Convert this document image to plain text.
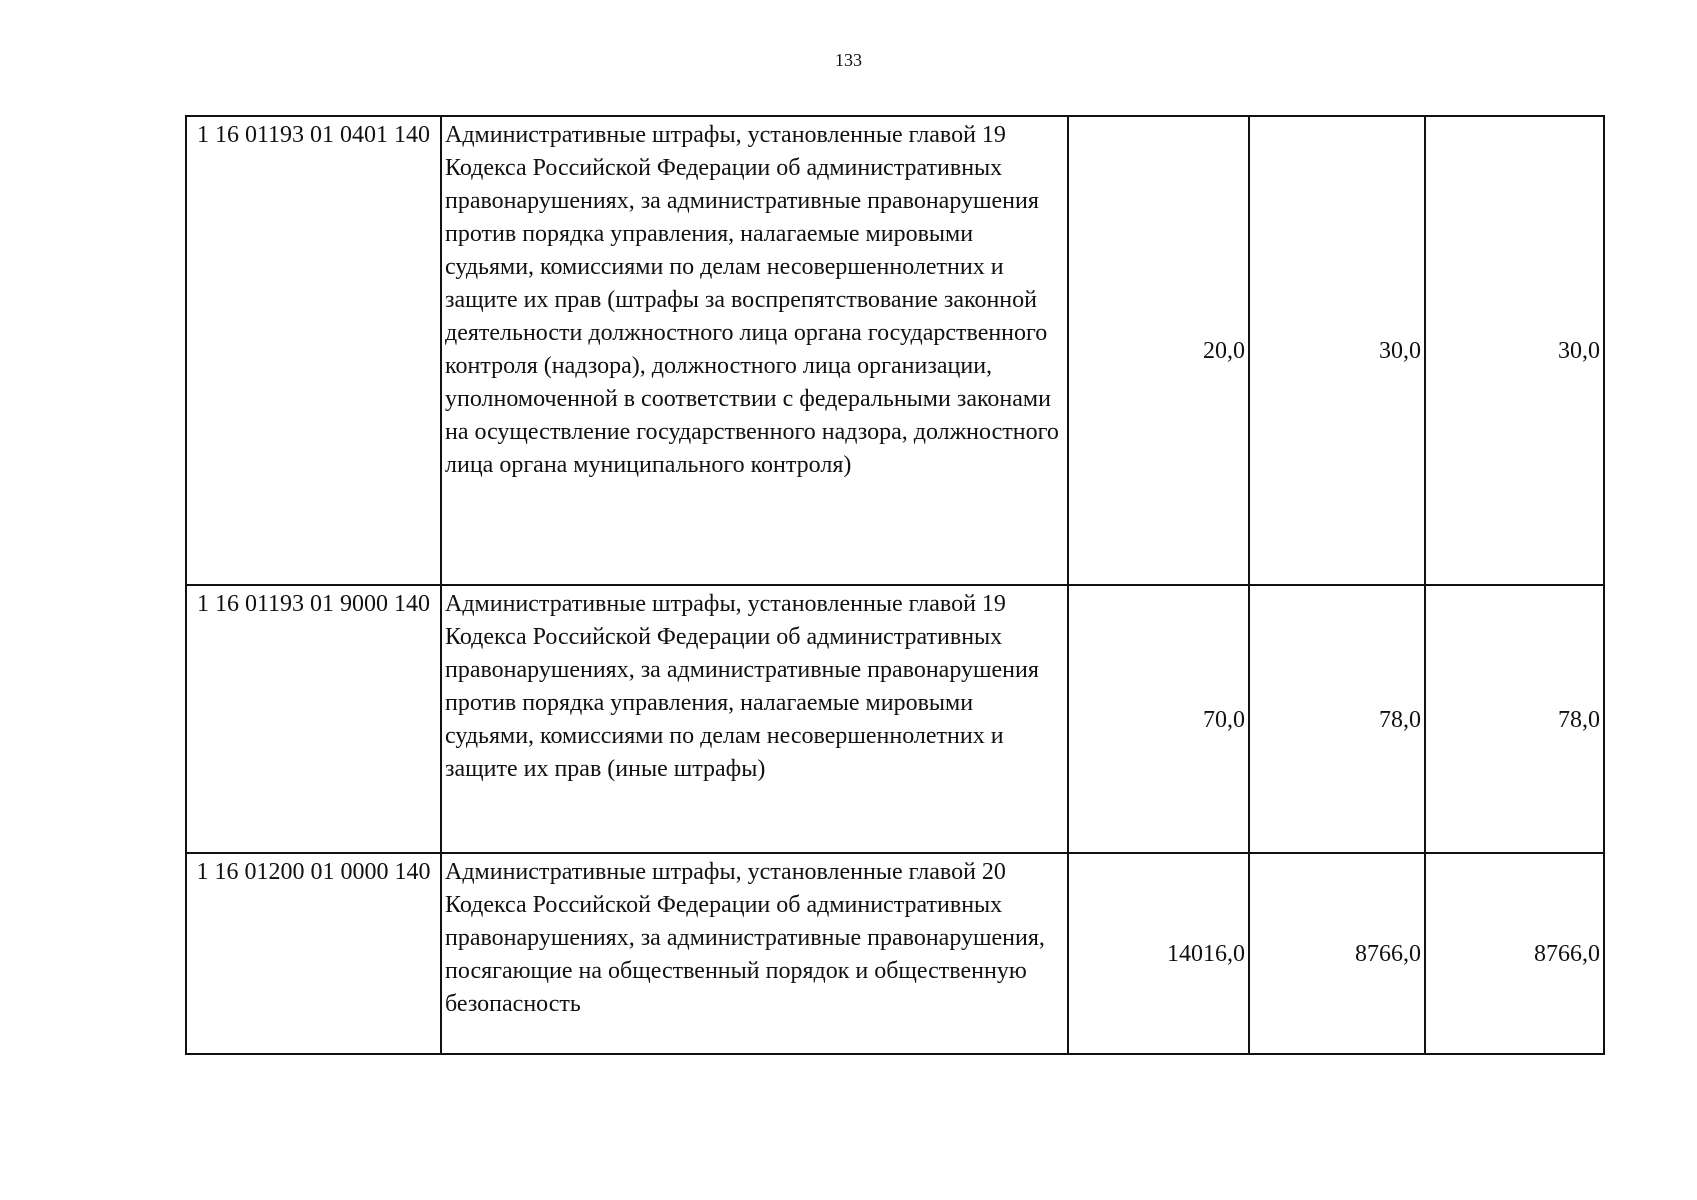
133
1 16 01193 01 0401 140	Административные штрафы, установленные главой 19 Кодекса Российской Федерации об административных правонарушениях, за административные правонарушения против порядка управления, налагаемые мировыми судьями, комиссиями по делам несовершеннолетних и защите их прав (штрафы за воспрепятствование законной деятельности должностного лица органа государственного контроля (надзора), должностного лица организации, уполномоченной в соответствии с федеральными законами на осуществление государственного надзора, должностного лица органа муниципального контроля)	20,0	30,0	30,0
1 16 01193 01 9000 140	Административные штрафы, установленные главой 19 Кодекса Российской Федерации об административных правонарушениях, за административные правонарушения против порядка управления, налагаемые мировыми судьями, комиссиями по делам несовершеннолетних и защите их прав (иные штрафы)	70,0	78,0	78,0
1 16 01200 01 0000 140	Административные штрафы, установленные главой 20 Кодекса Российской Федерации об административных правонарушениях, за административные правонарушения, посягающие на общественный порядок и общественную безопасность	14016,0	8766,0	8766,0
